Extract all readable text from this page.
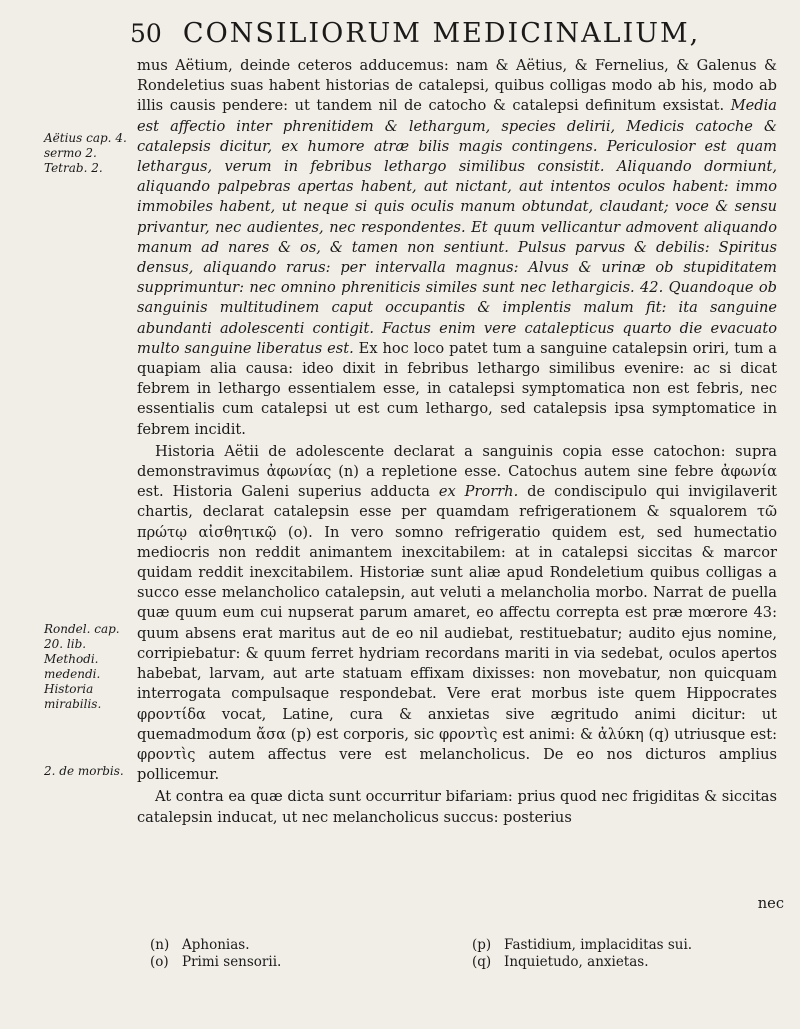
50 CONSILIORUM MEDICINALIUM,
Aëtius cap. 4. sermo 2. Tetrab. 2.
Rondel. cap. 20. lib. Methodi. medendi. Historia mirabilis.
2. de morbis.

mus Aëtium, deinde ceteros adducemus: nam & Aëtius, & Fernelius, & Galenus & Rondeletius suas habent historias de catalepsi, quibus colligas modo ab his, modo ab illis causis pendere: ut tandem nil de catocho & catalepsi definitum exsistat. Media est affectio inter phrenitidem & lethargum, species delirii, Medicis catoche & catalepsis dicitur, ex humore atræ bilis magis contingens. Periculosior est quam lethargus, verum in febribus lethargo similibus consistit. Aliquando dormiunt, aliquando palpebras apertas habent, aut nictant, aut intentos oculos habent: immo immobiles habent, ut neque si quis oculis manum obtundat, claudant; voce & sensu privantur, nec audientes, nec respondentes. Et quum vellicantur admovent aliquando manum ad nares & os, & tamen non sentiunt. Pulsus parvus & debilis: Spiritus densus, aliquando rarus: per intervalla magnus: Alvus & urinæ ob stupiditatem supprimuntur: nec omnino phreniticis similes sunt nec lethargicis. 42. Quandoque ob sanguinis multitudinem caput occupantis & implentis malum fit: ita sanguine abundanti adolescenti contigit. Factus enim vere catalepticus quarto die evacuato multo sanguine liberatus est. Ex hoc loco patet tum a sanguine catalepsin oriri, tum a quapiam alia causa: ideo dixit in febribus lethargo similibus evenire: ac si dicat febrem in lethargo essentialem esse, in catalepsi symptomatica non est febris, nec essentialis cum catalepsi ut est cum lethargo, sed catalepsis ipsa symptomatice in febrem incidit.

Historia Aëtii de adolescente declarat a sanguinis copia esse catochon: supra demonstravimus ἀφωνίας (n) a repletione esse. Catochus autem sine febre ἀφωνία est. Historia Galeni superius adducta ex Prorrh. de condiscipulo qui invigilaverit chartis, declarat catalepsin esse per quamdam refrigerationem & squalorem τῶ πρώτῳ αἰσθητικῷ (o). In vero somno refrigeratio quidem est, sed humectatio mediocris non reddit animantem inexcitabilem: at in catalepsi siccitas & marcor quidam reddit inexcitabilem. Historiæ sunt aliæ apud Rondeletium quibus colligas a succo esse melancholico catalepsin, aut veluti a melancholia morbo. Narrat de puella quæ quum eum cui nupserat parum amaret, eo affectu correpta est præ mœrore 43: quum absens erat maritus aut de eo nil audiebat, restituebatur; audito ejus nomine, corripiebatur: & quum ferret hydriam recordans mariti in via sedebat, oculos apertos habebat, larvam, aut arte statuam effixam dixisses: non movebatur, non quicquam interrogata compulsaque respondebat. Vere erat morbus iste quem Hippocrates φροντίδα vocat, Latine, cura & anxietas sive ægritudo animi dicitur: ut quemadmodum ἄσα (p) est corporis, sic φροντὶς est animi: & ἀλύκη (q) utriusque est: φροντὶς autem affectus vere est melancholicus. De eo nos dicturos amplius pollicemur.

At contra ea quæ dicta sunt occurritur bifariam: prius quod nec frigiditas & siccitas catalepsin inducat, ut nec melancholicus succus: posterius

nec
(n) Aphonias.
(o) Primi sensorii.
(p) Fastidium, implaciditas sui.
(q) Inquietudo, anxietas.
